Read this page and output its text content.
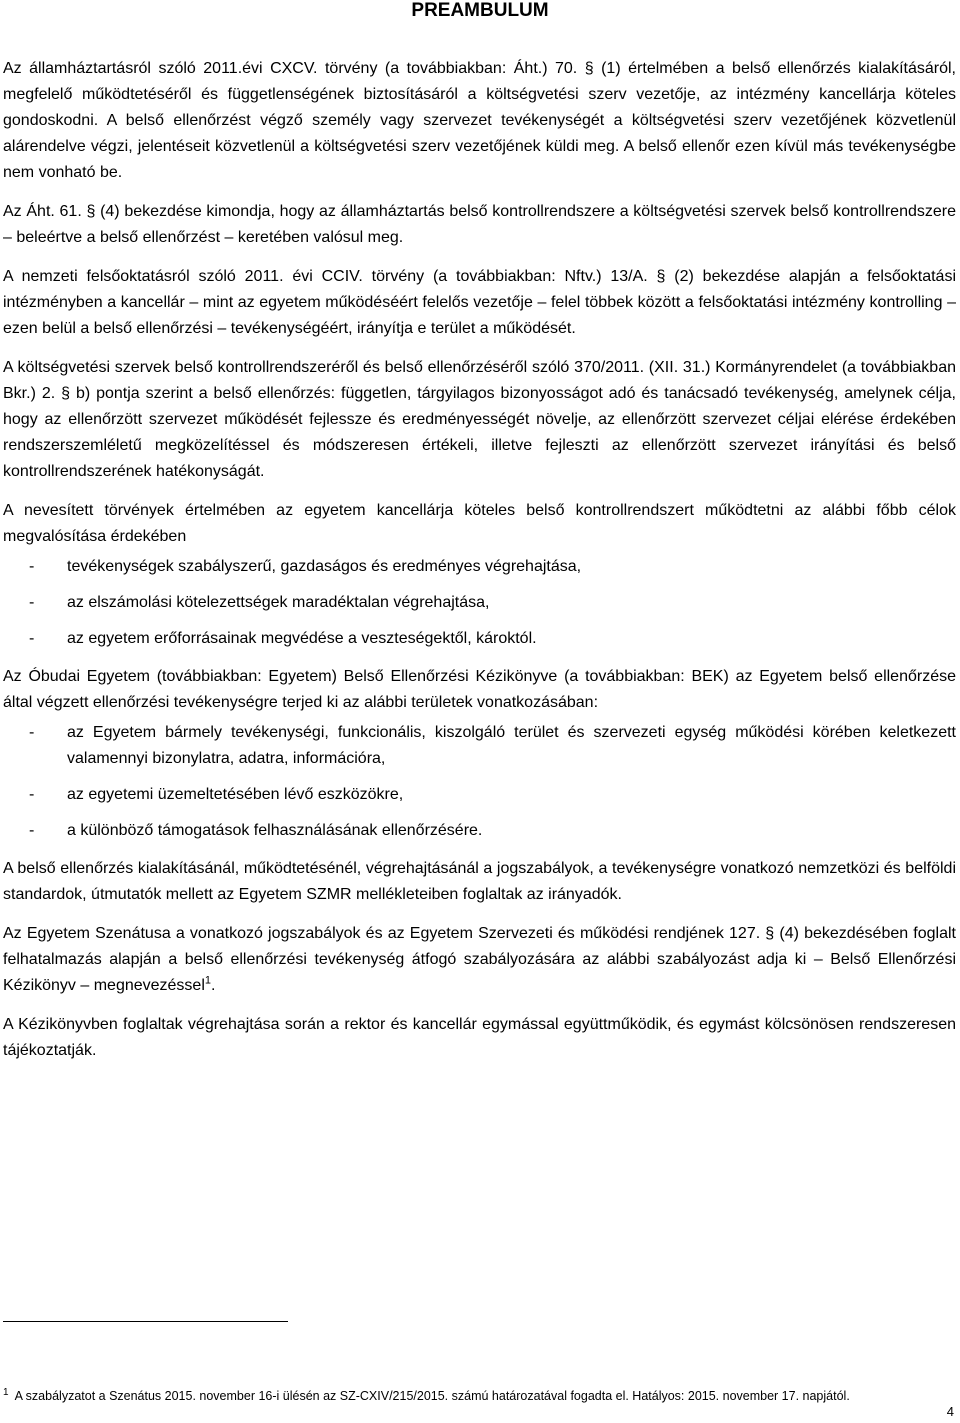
PREAMBULUM

Az államháztartásról szóló 2011.évi CXCV. törvény (a továbbiakban: Áht.) 70. § (1) értelmében a belső ellenőrzés kialakításáról, megfelelő működtetéséről és függetlenségének biztosításáról a költségvetési szerv vezetője, az intézmény kancellárja köteles gondoskodni. A belső ellenőrzést végző személy vagy szervezet tevékenységét a költségvetési szerv vezetőjének közvetlenül alárendelve végzi, jelentéseit közvetlenül a költségvetési szerv vezetőjének küldi meg. A belső ellenőr ezen kívül más tevékenységbe nem vonható be.

Az Áht. 61. § (4) bekezdése kimondja, hogy az államháztartás belső kontrollrendszere a költségvetési szervek belső kontrollrendszere – beleértve a belső ellenőrzést – keretében valósul meg.

A nemzeti felsőoktatásról szóló 2011. évi CCIV. törvény (a továbbiakban: Nftv.) 13/A. § (2) bekezdése alapján a felsőoktatási intézményben a kancellár – mint az egyetem működéséért felelős vezetője – felel többek között a felsőoktatási intézmény kontrolling – ezen belül a belső ellenőrzési – tevékenységéért, irányítja e terület a működését.

A költségvetési szervek belső kontrollrendszeréről és belső ellenőrzéséről szóló 370/2011. (XII. 31.) Kormányrendelet (a továbbiakban Bkr.) 2. § b) pontja szerint a belső ellenőrzés: független, tárgyilagos bizonyosságot adó és tanácsadó tevékenység, amelynek célja, hogy az ellenőrzött szervezet működését fejlessze és eredményességét növelje, az ellenőrzött szervezet céljai elérése érdekében rendszerszemléletű megközelítéssel és módszeresen értékeli, illetve fejleszti az ellenőrzött szervezet irányítási és belső kontrollrendszerének hatékonyságát.

A nevesített törvények értelmében az egyetem kancellárja köteles belső kontrollrendszert működtetni az alábbi főbb célok megvalósítása érdekében

- tevékenységek szabályszerű, gazdaságos és eredményes végrehajtása,
- az elszámolási kötelezettségek maradéktalan végrehajtása,
- az egyetem erőforrásainak megvédése a veszteségektől, károktól.

Az Óbudai Egyetem (továbbiakban: Egyetem) Belső Ellenőrzési Kézikönyve (a továbbiakban: BEK) az Egyetem belső ellenőrzése által végzett ellenőrzési tevékenységre terjed ki az alábbi területek vonatkozásában:

- az Egyetem bármely tevékenységi, funkcionális, kiszolgáló terület és szervezeti egység működési körében keletkezett valamennyi bizonylatra, adatra, információra,
- az egyetemi üzemeltetésében lévő eszközökre,
- a különböző támogatások felhasználásának ellenőrzésére.

A belső ellenőrzés kialakításánál, működtetésénél, végrehajtásánál a jogszabályok, a tevékenységre vonatkozó nemzetközi és belföldi standardok, útmutatók mellett az Egyetem SZMR mellékleteiben foglaltak az irányadók.

Az Egyetem Szenátusa a vonatkozó jogszabályok és az Egyetem Szervezeti és működési rendjének 127. § (4) bekezdésében foglalt felhatalmazás alapján a belső ellenőrzési tevékenység átfogó szabályozására az alábbi szabályozást adja ki – Belső Ellenőrzési Kézikönyv – megnevezéssel$^1$.

A Kézikönyvben foglaltak végrehajtása során a rektor és kancellár egymással együttműködik, és egymást kölcsönösen rendszeresen tájékoztatják.

$^1$ A szabályzatot a Szenátus 2015. november 16-i ülésén az SZ-CXIV/215/2015. számú határozatával fogadta el. Hatályos: 2015. november 17. napjától.
4
